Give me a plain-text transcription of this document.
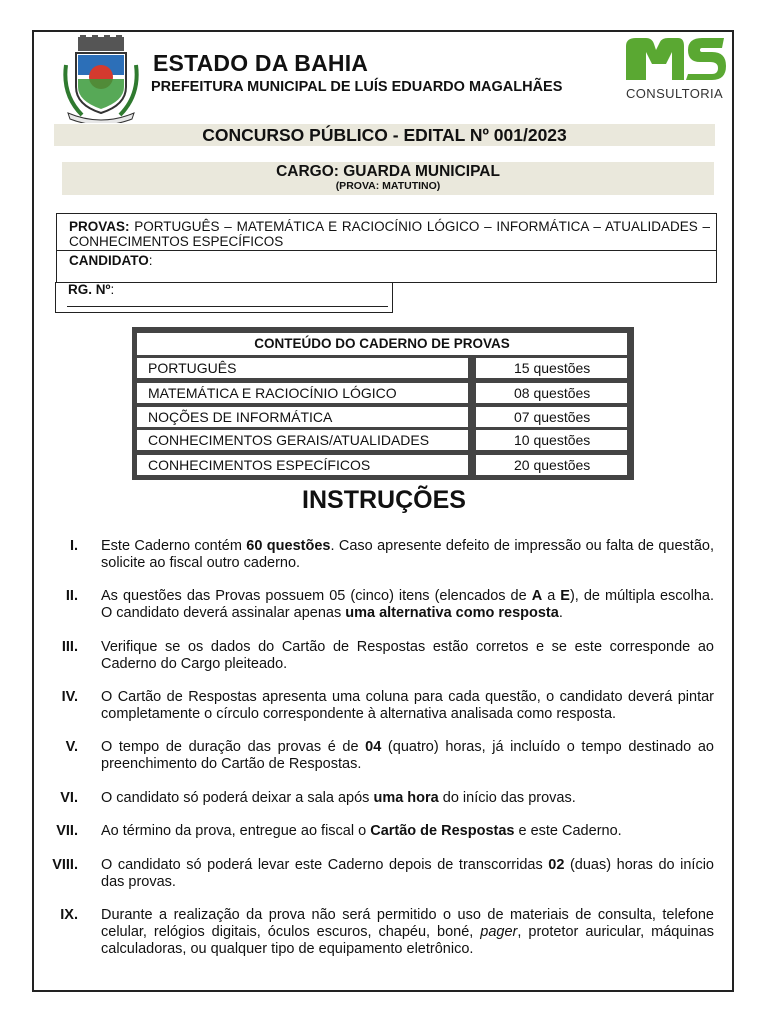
ESTADO DA BAHIA
PREFEITURA MUNICIPAL DE LUÍS EDUARDO MAGALHÃES	CONSULTORIA
CONCURSO PÚBLICO - EDITAL Nº 001/2023
CARGO: GUARDA MUNICIPAL
(PROVA: MATUTINO)
PROVAS: PORTUGUÊS – MATEMÁTICA E RACIOCÍNIO LÓGICO – INFORMÁTICA – ATUALIDADES – CONHECIMENTOS ESPECÍFICOS
CANDIDATO:
RG. Nº:
CONTEÚDO DO CADERNO DE PROVAS
PORTUGUÊS	15 questões
MATEMÁTICA E RACIOCÍNIO LÓGICO	08 questões
NOÇÕES DE INFORMÁTICA	07 questões
CONHECIMENTOS GERAIS/ATUALIDADES	10 questões
CONHECIMENTOS ESPECÍFICOS	20 questões
INSTRUÇÕES
I. Este Caderno contém 60 questões. Caso apresente defeito de impressão ou falta de questão, solicite ao fiscal outro caderno.
II. As questões das Provas possuem 05 (cinco) itens (elencados de A a E), de múltipla escolha. O candidato deverá assinalar apenas uma alternativa como resposta.
III. Verifique se os dados do Cartão de Respostas estão corretos e se este corresponde ao Caderno do Cargo pleiteado.
IV. O Cartão de Respostas apresenta uma coluna para cada questão, o candidato deverá pintar completamente o círculo correspondente à alternativa analisada como resposta.
V. O tempo de duração das provas é de 04 (quatro) horas, já incluído o tempo destinado ao preenchimento do Cartão de Respostas.
VI. O candidato só poderá deixar a sala após uma hora do início das provas.
VII. Ao término da prova, entregue ao fiscal o Cartão de Respostas e este Caderno.
VIII. O candidato só poderá levar este Caderno depois de transcorridas 02 (duas) horas do início das provas.
IX. Durante a realização da prova não será permitido o uso de materiais de consulta, telefone celular, relógios digitais, óculos escuros, chapéu, boné, pager, protetor auricular, máquinas calculadoras, ou qualquer tipo de equipamento eletrônico.
